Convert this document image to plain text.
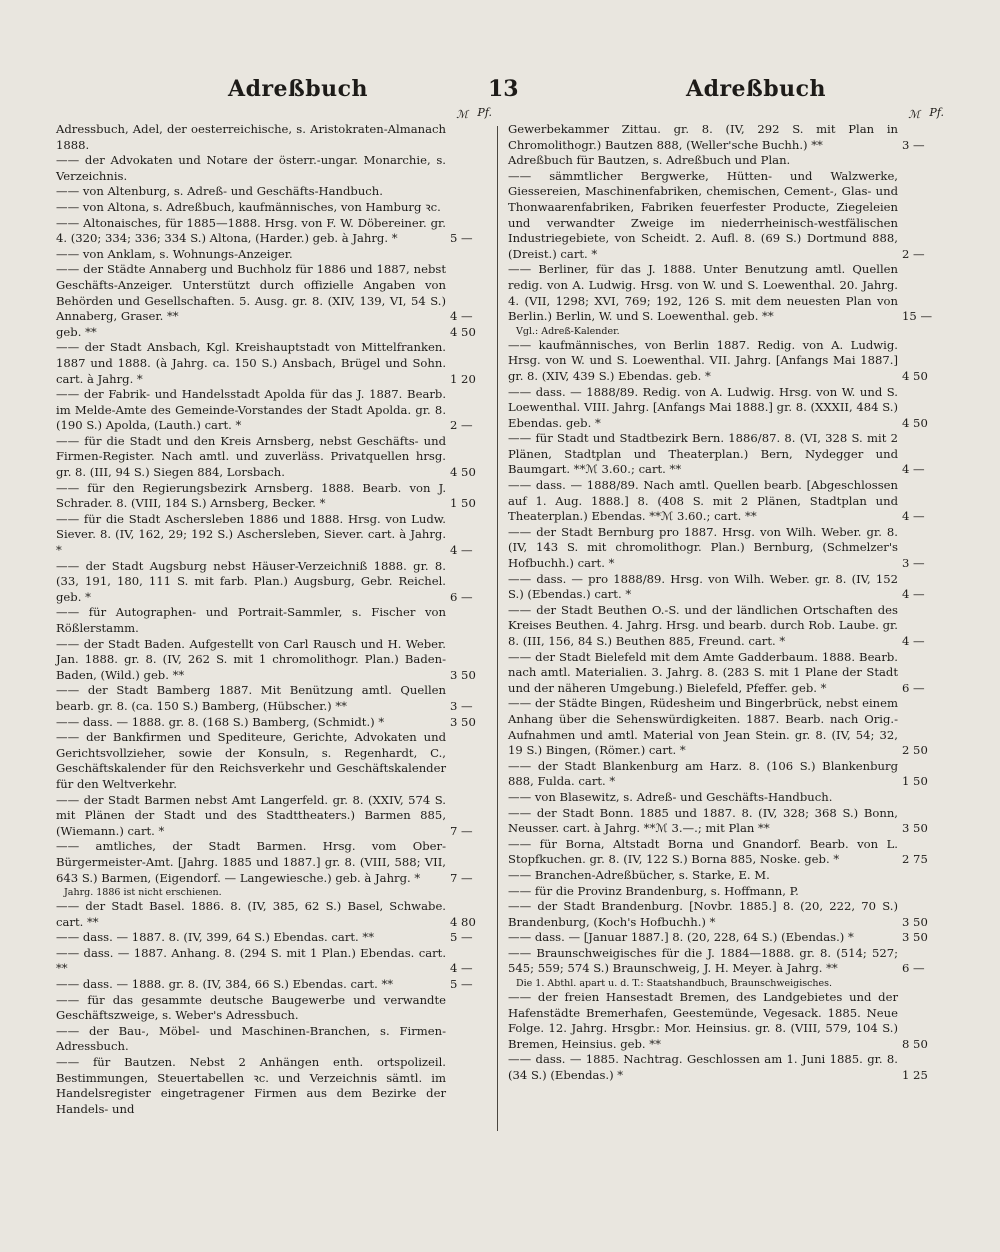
Adreßbuch	13	Adreßbuch
ℳ Pf.
Adressbuch, Adel, der oesterreichische, s. Aristokraten-Almanach 1888.
—— der Advokaten und Notare der österr.-ungar. Monarchie, s. Verzeichnis.
—— von Altenburg, s. Adreß- und Geschäfts-Handbuch.
—— von Altona, s. Adreßbuch, kaufmännisches, von Hamburg ꝛc.
—— Altonaisches, für 1885—1888. Hrsg. von F. W. Döbereiner. gr. 4. (320; 334; 336; 334 S.) Altona, (Harder.) geb. à Jahrg. *	5 —
—— von Anklam, s. Wohnungs-Anzeiger.
—— der Städte Annaberg und Buchholz für 1886 und 1887, nebst Geschäfts-Anzeiger. Unterstützt durch offizielle Angaben von Behörden und Gesellschaften. 5. Ausg. gr. 8. (XIV, 139, VI, 54 S.) Annaberg, Graser. **	4 —
geb. **	4 50
—— der Stadt Ansbach, Kgl. Kreishauptstadt von Mittelfranken. 1887 und 1888. (à Jahrg. ca. 150 S.) Ansbach, Brügel und Sohn. cart. à Jahrg. *	1 20
—— der Fabrik- und Handelsstadt Apolda für das J. 1887. Bearb. im Melde-Amte des Gemeinde-Vorstandes der Stadt Apolda. gr. 8. (190 S.) Apolda, (Lauth.) cart. *	2 —
—— für die Stadt und den Kreis Arnsberg, nebst Geschäfts- und Firmen-Register. Nach amtl. und zuverläss. Privatquellen hrsg. gr. 8. (III, 94 S.) Siegen 884, Lorsbach.	4 50
—— für den Regierungsbezirk Arnsberg. 1888. Bearb. von J. Schrader. 8. (VIII, 184 S.) Arnsberg, Becker. *	1 50
—— für die Stadt Aschersleben 1886 und 1888. Hrsg. von Ludw. Siever. 8. (IV, 162, 29; 192 S.) Aschersleben, Siever. cart. à Jahrg. *	4 —
—— der Stadt Augsburg nebst Häuser-Verzeichniß 1888. gr. 8. (33, 191, 180, 111 S. mit farb. Plan.) Augsburg, Gebr. Reichel. geb. *	6 —
—— für Autographen- und Portrait-Sammler, s. Fischer von Rößlerstamm.
—— der Stadt Baden. Aufgestellt von Carl Rausch und H. Weber. Jan. 1888. gr. 8. (IV, 262 S. mit 1 chromolithogr. Plan.) Baden-Baden, (Wild.) geb. **	3 50
—— der Stadt Bamberg 1887. Mit Benützung amtl. Quellen bearb. gr. 8. (ca. 150 S.) Bamberg, (Hübscher.) **	3 —
—— dass. — 1888. gr. 8. (168 S.) Bamberg, (Schmidt.) *	3 50
—— der Bankfirmen und Spediteure, Gerichte, Advokaten und Gerichtsvollzieher, sowie der Konsuln, s. Regenhardt, C., Geschäftskalender für den Reichsverkehr und Geschäftskalender für den Weltverkehr.
—— der Stadt Barmen nebst Amt Langerfeld. gr. 8. (XXIV, 574 S. mit Plänen der Stadt und des Stadttheaters.) Barmen 885, (Wiemann.) cart. *	7 —
—— amtliches, der Stadt Barmen. Hrsg. vom Ober-Bürgermeister-Amt. [Jahrg. 1885 und 1887.] gr. 8. (VIII, 588; VII, 643 S.) Barmen, (Eigendorf. — Langewiesche.) geb. à Jahrg. *	7 —
Jahrg. 1886 ist nicht erschienen.
—— der Stadt Basel. 1886. 8. (IV, 385, 62 S.) Basel, Schwabe. cart. **	4 80
—— dass. — 1887. 8. (IV, 399, 64 S.) Ebendas. cart. **	5 —
—— dass. — 1887. Anhang. 8. (294 S. mit 1 Plan.) Ebendas. cart. **	4 —
—— dass. — 1888. gr. 8. (IV, 384, 66 S.) Ebendas. cart. **	5 —
—— für das gesammte deutsche Baugewerbe und verwandte Geschäftszweige, s. Weber's Adressbuch.
—— der Bau-, Möbel- und Maschinen-Branchen, s. Firmen-Adressbuch.
—— für Bautzen. Nebst 2 Anhängen enth. ortspolizeil. Bestimmungen, Steuertabellen ꝛc. und Verzeichnis sämtl. im Handelsregister eingetragener Firmen aus dem Bezirke der Handels- und
ℳ Pf.
Gewerbekammer Zittau. gr. 8. (IV, 292 S. mit Plan in Chromolithogr.) Bautzen 888, (Weller'sche Buchh.) **	3 —
Adreßbuch für Bautzen, s. Adreßbuch und Plan.
—— sämmtlicher Bergwerke, Hütten- und Walzwerke, Giessereien, Maschinenfabriken, chemischen, Cement-, Glas- und Thonwaarenfabriken, Fabriken feuerfester Producte, Ziegeleien und verwandter Zweige im niederrheinisch-westfälischen Industriegebiete, von Scheidt. 2. Aufl. 8. (69 S.) Dortmund 888, (Dreist.) cart. *	2 —
—— Berliner, für das J. 1888. Unter Benutzung amtl. Quellen redig. von A. Ludwig. Hrsg. von W. und S. Loewenthal. 20. Jahrg. 4. (VII, 1298; XVI, 769; 192, 126 S. mit dem neuesten Plan von Berlin.) Berlin, W. und S. Loewenthal. geb. **	15 —
Vgl.: Adreß-Kalender.
—— kaufmännisches, von Berlin 1887. Redig. von A. Ludwig. Hrsg. von W. und S. Loewenthal. VII. Jahrg. [Anfangs Mai 1887.] gr. 8. (XIV, 439 S.) Ebendas. geb. *	4 50
—— dass. — 1888/89. Redig. von A. Ludwig. Hrsg. von W. und S. Loewenthal. VIII. Jahrg. [Anfangs Mai 1888.] gr. 8. (XXXII, 484 S.) Ebendas. geb. *	4 50
—— für Stadt und Stadtbezirk Bern. 1886/87. 8. (VI, 328 S. mit 2 Plänen, Stadtplan und Theaterplan.) Bern, Nydegger und Baumgart. **ℳ 3.60.; cart. **	4 —
—— dass. — 1888/89. Nach amtl. Quellen bearb. [Abgeschlossen auf 1. Aug. 1888.] 8. (408 S. mit 2 Plänen, Stadtplan und Theaterplan.) Ebendas. **ℳ 3.60.; cart. **	4 —
—— der Stadt Bernburg pro 1887. Hrsg. von Wilh. Weber. gr. 8. (IV, 143 S. mit chromolithogr. Plan.) Bernburg, (Schmelzer's Hofbuchh.) cart. *	3 —
—— dass. — pro 1888/89. Hrsg. von Wilh. Weber. gr. 8. (IV, 152 S.) (Ebendas.) cart. *	4 —
—— der Stadt Beuthen O.-S. und der ländlichen Ortschaften des Kreises Beuthen. 4. Jahrg. Hrsg. und bearb. durch Rob. Laube. gr. 8. (III, 156, 84 S.) Beuthen 885, Freund. cart. *	4 —
—— der Stadt Bielefeld mit dem Amte Gadderbaum. 1888. Bearb. nach amtl. Materialien. 3. Jahrg. 8. (283 S. mit 1 Plane der Stadt und der näheren Umgebung.) Bielefeld, Pfeffer. geb. *	6 —
—— der Städte Bingen, Rüdesheim und Bingerbrück, nebst einem Anhang über die Sehenswürdigkeiten. 1887. Bearb. nach Orig.-Aufnahmen und amtl. Material von Jean Stein. gr. 8. (IV, 54; 32, 19 S.) Bingen, (Römer.) cart. *	2 50
—— der Stadt Blankenburg am Harz. 8. (106 S.) Blankenburg 888, Fulda. cart. *	1 50
—— von Blasewitz, s. Adreß- und Geschäfts-Handbuch.
—— der Stadt Bonn. 1885 und 1887. 8. (IV, 328; 368 S.) Bonn, Neusser. cart. à Jahrg. **ℳ 3.—.; mit Plan **	3 50
—— für Borna, Altstadt Borna und Gnandorf. Bearb. von L. Stopfkuchen. gr. 8. (IV, 122 S.) Borna 885, Noske. geb. *	2 75
—— Branchen-Adreßbücher, s. Starke, E. M.
—— für die Provinz Brandenburg, s. Hoffmann, P.
—— der Stadt Brandenburg. [Novbr. 1885.] 8. (20, 222, 70 S.) Brandenburg, (Koch's Hofbuchh.) *	3 50
—— dass. — [Januar 1887.] 8. (20, 228, 64 S.) (Ebendas.) *	3 50
—— Braunschweigisches für die J. 1884—1888. gr. 8. (514; 527; 545; 559; 574 S.) Braunschweig, J. H. Meyer. à Jahrg. **	6 —
Die 1. Abthl. apart u. d. T.: Staatshandbuch, Braunschweigisches.
—— der freien Hansestadt Bremen, des Landgebietes und der Hafenstädte Bremerhafen, Geestemünde, Vegesack. 1885. Neue Folge. 12. Jahrg. Hrsgbr.: Mor. Heinsius. gr. 8. (VIII, 579, 104 S.) Bremen, Heinsius. geb. **	8 50
—— dass. — 1885. Nachtrag. Geschlossen am 1. Juni 1885. gr. 8. (34 S.) (Ebendas.) *	1 25
